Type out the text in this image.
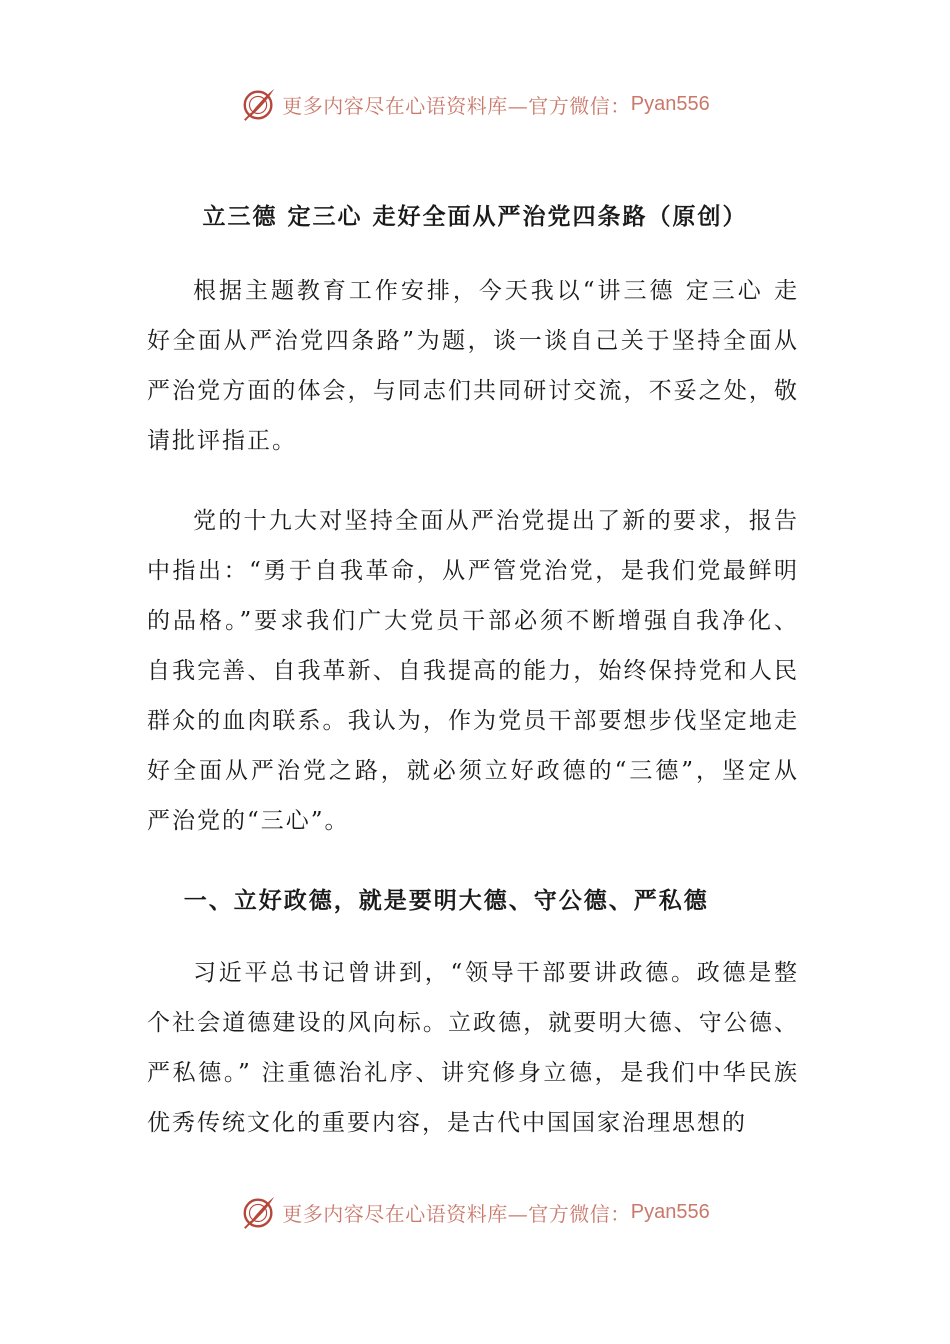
更多内容尽在心语资料库—官方微信： Pyan556
立三德 定三心 走好全面从严治党四条路（原创）

根据主题教育工作安排，今天我以“讲三德 定三心 走好全面从严治党四条路”为题，谈一谈自己关于坚持全面从严治党方面的体会，与同志们共同研讨交流，不妥之处，敬请批评指正。

党的十九大对坚持全面从严治党提出了新的要求，报告中指出：“勇于自我革命，从严管党治党，是我们党最鲜明的品格。”要求我们广大党员干部必须不断增强自我净化、自我完善、自我革新、自我提高的能力，始终保持党和人民群众的血肉联系。我认为，作为党员干部要想步伐坚定地走好全面从严治党之路，就必须立好政德的“三德”，坚定从严治党的“三心”。

一、立好政德，就是要明大德、守公德、严私德

习近平总书记曾讲到，“领导干部要讲政德。政德是整个社会道德建设的风向标。立政德，就要明大德、守公德、严私德。” 注重德治礼序、讲究修身立德，是我们中华民族优秀传统文化的重要内容，是古代中国国家治理思想的

更多内容尽在心语资料库—官方微信： Pyan556
